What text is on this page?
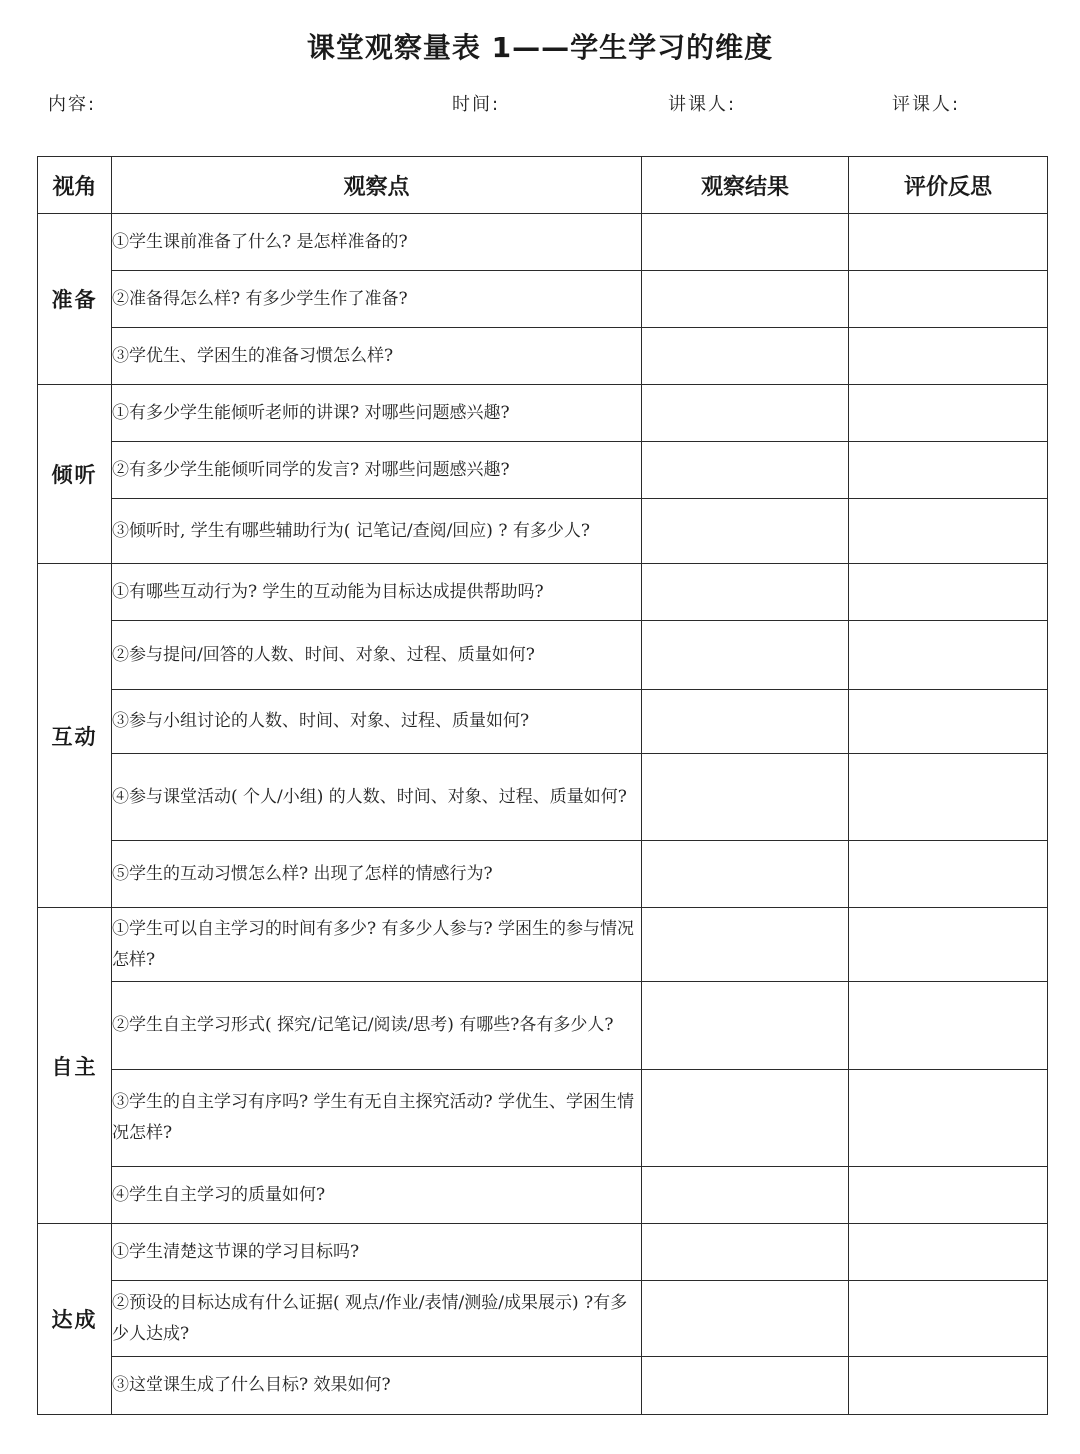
课堂观察量表 1——学生学习的维度
内容:	时间:	讲课人:	评课人:
视角	观察点	观察结果	评价反思
准备	①学生课前准备了什么? 是怎样准备的?		
	②准备得怎么样? 有多少学生作了准备?		
	③学优生、学困生的准备习惯怎么样?		
倾听	①有多少学生能倾听老师的讲课? 对哪些问题感兴趣?		
	②有多少学生能倾听同学的发言? 对哪些问题感兴趣?		
	③倾听时, 学生有哪些辅助行为( 记笔记/查阅/回应) ? 有多少人?		
互动	①有哪些互动行为? 学生的互动能为目标达成提供帮助吗?		
	②参与提问/回答的人数、时间、对象、过程、质量如何?		
	③参与小组讨论的人数、时间、对象、过程、质量如何?		
	④参与课堂活动( 个人/小组) 的人数、时间、对象、过程、质量如何?		
	⑤学生的互动习惯怎么样? 出现了怎样的情感行为?		
自主	①学生可以自主学习的时间有多少? 有多少人参与? 学困生的参与情况怎样?		
	②学生自主学习形式( 探究/记笔记/阅读/思考) 有哪些?各有多少人?		
	③学生的自主学习有序吗? 学生有无自主探究活动? 学优生、学困生情况怎样?		
	④学生自主学习的质量如何?		
达成	①学生清楚这节课的学习目标吗?		
	②预设的目标达成有什么证据( 观点/作业/表情/测验/成果展示) ?有多少人达成?		
	③这堂课生成了什么目标? 效果如何?		
